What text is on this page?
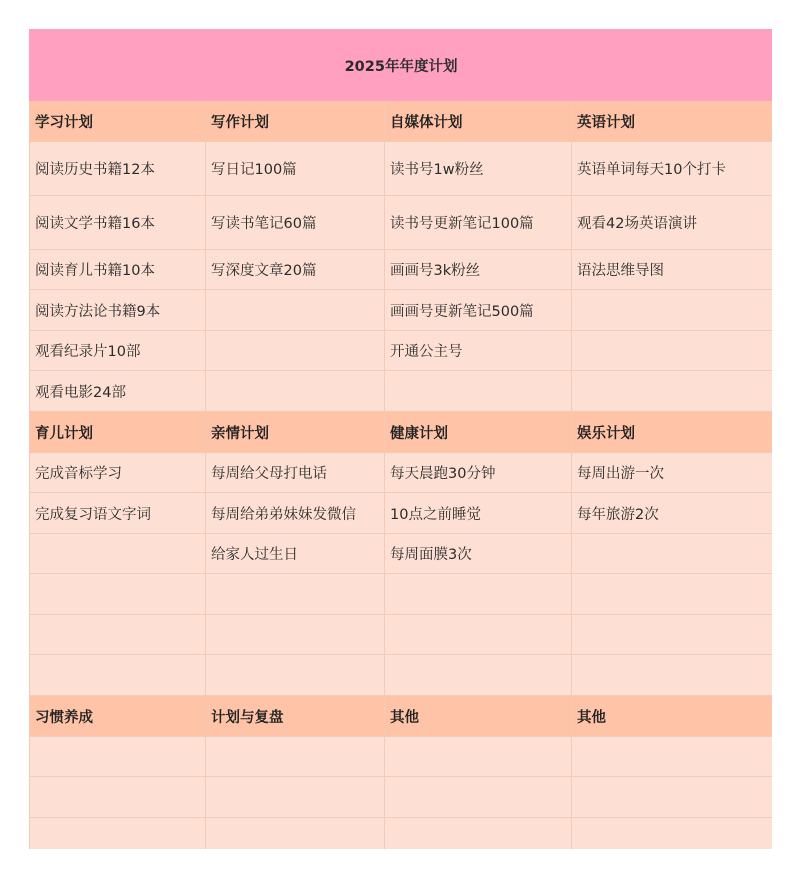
2025年年度计划			
学习计划	写作计划	自媒体计划	英语计划
阅读历史书籍12本	写日记100篇	读书号1w粉丝	英语单词每天10个打卡
阅读文学书籍16本	写读书笔记60篇	读书号更新笔记100篇	观看42场英语演讲
阅读育儿书籍10本	写深度文章20篇	画画号3k粉丝	语法思维导图
阅读方法论书籍9本		画画号更新笔记500篇	
观看纪录片10部		开通公主号	
观看电影24部			
育儿计划	亲情计划	健康计划	娱乐计划
完成音标学习	每周给父母打电话	每天晨跑30分钟	每周出游一次
完成复习语文字词	每周给弟弟妹妹发微信	10点之前睡觉	每年旅游2次
	给家人过生日	每周面膜3次	

习惯养成	计划与复盘	其他	其他
